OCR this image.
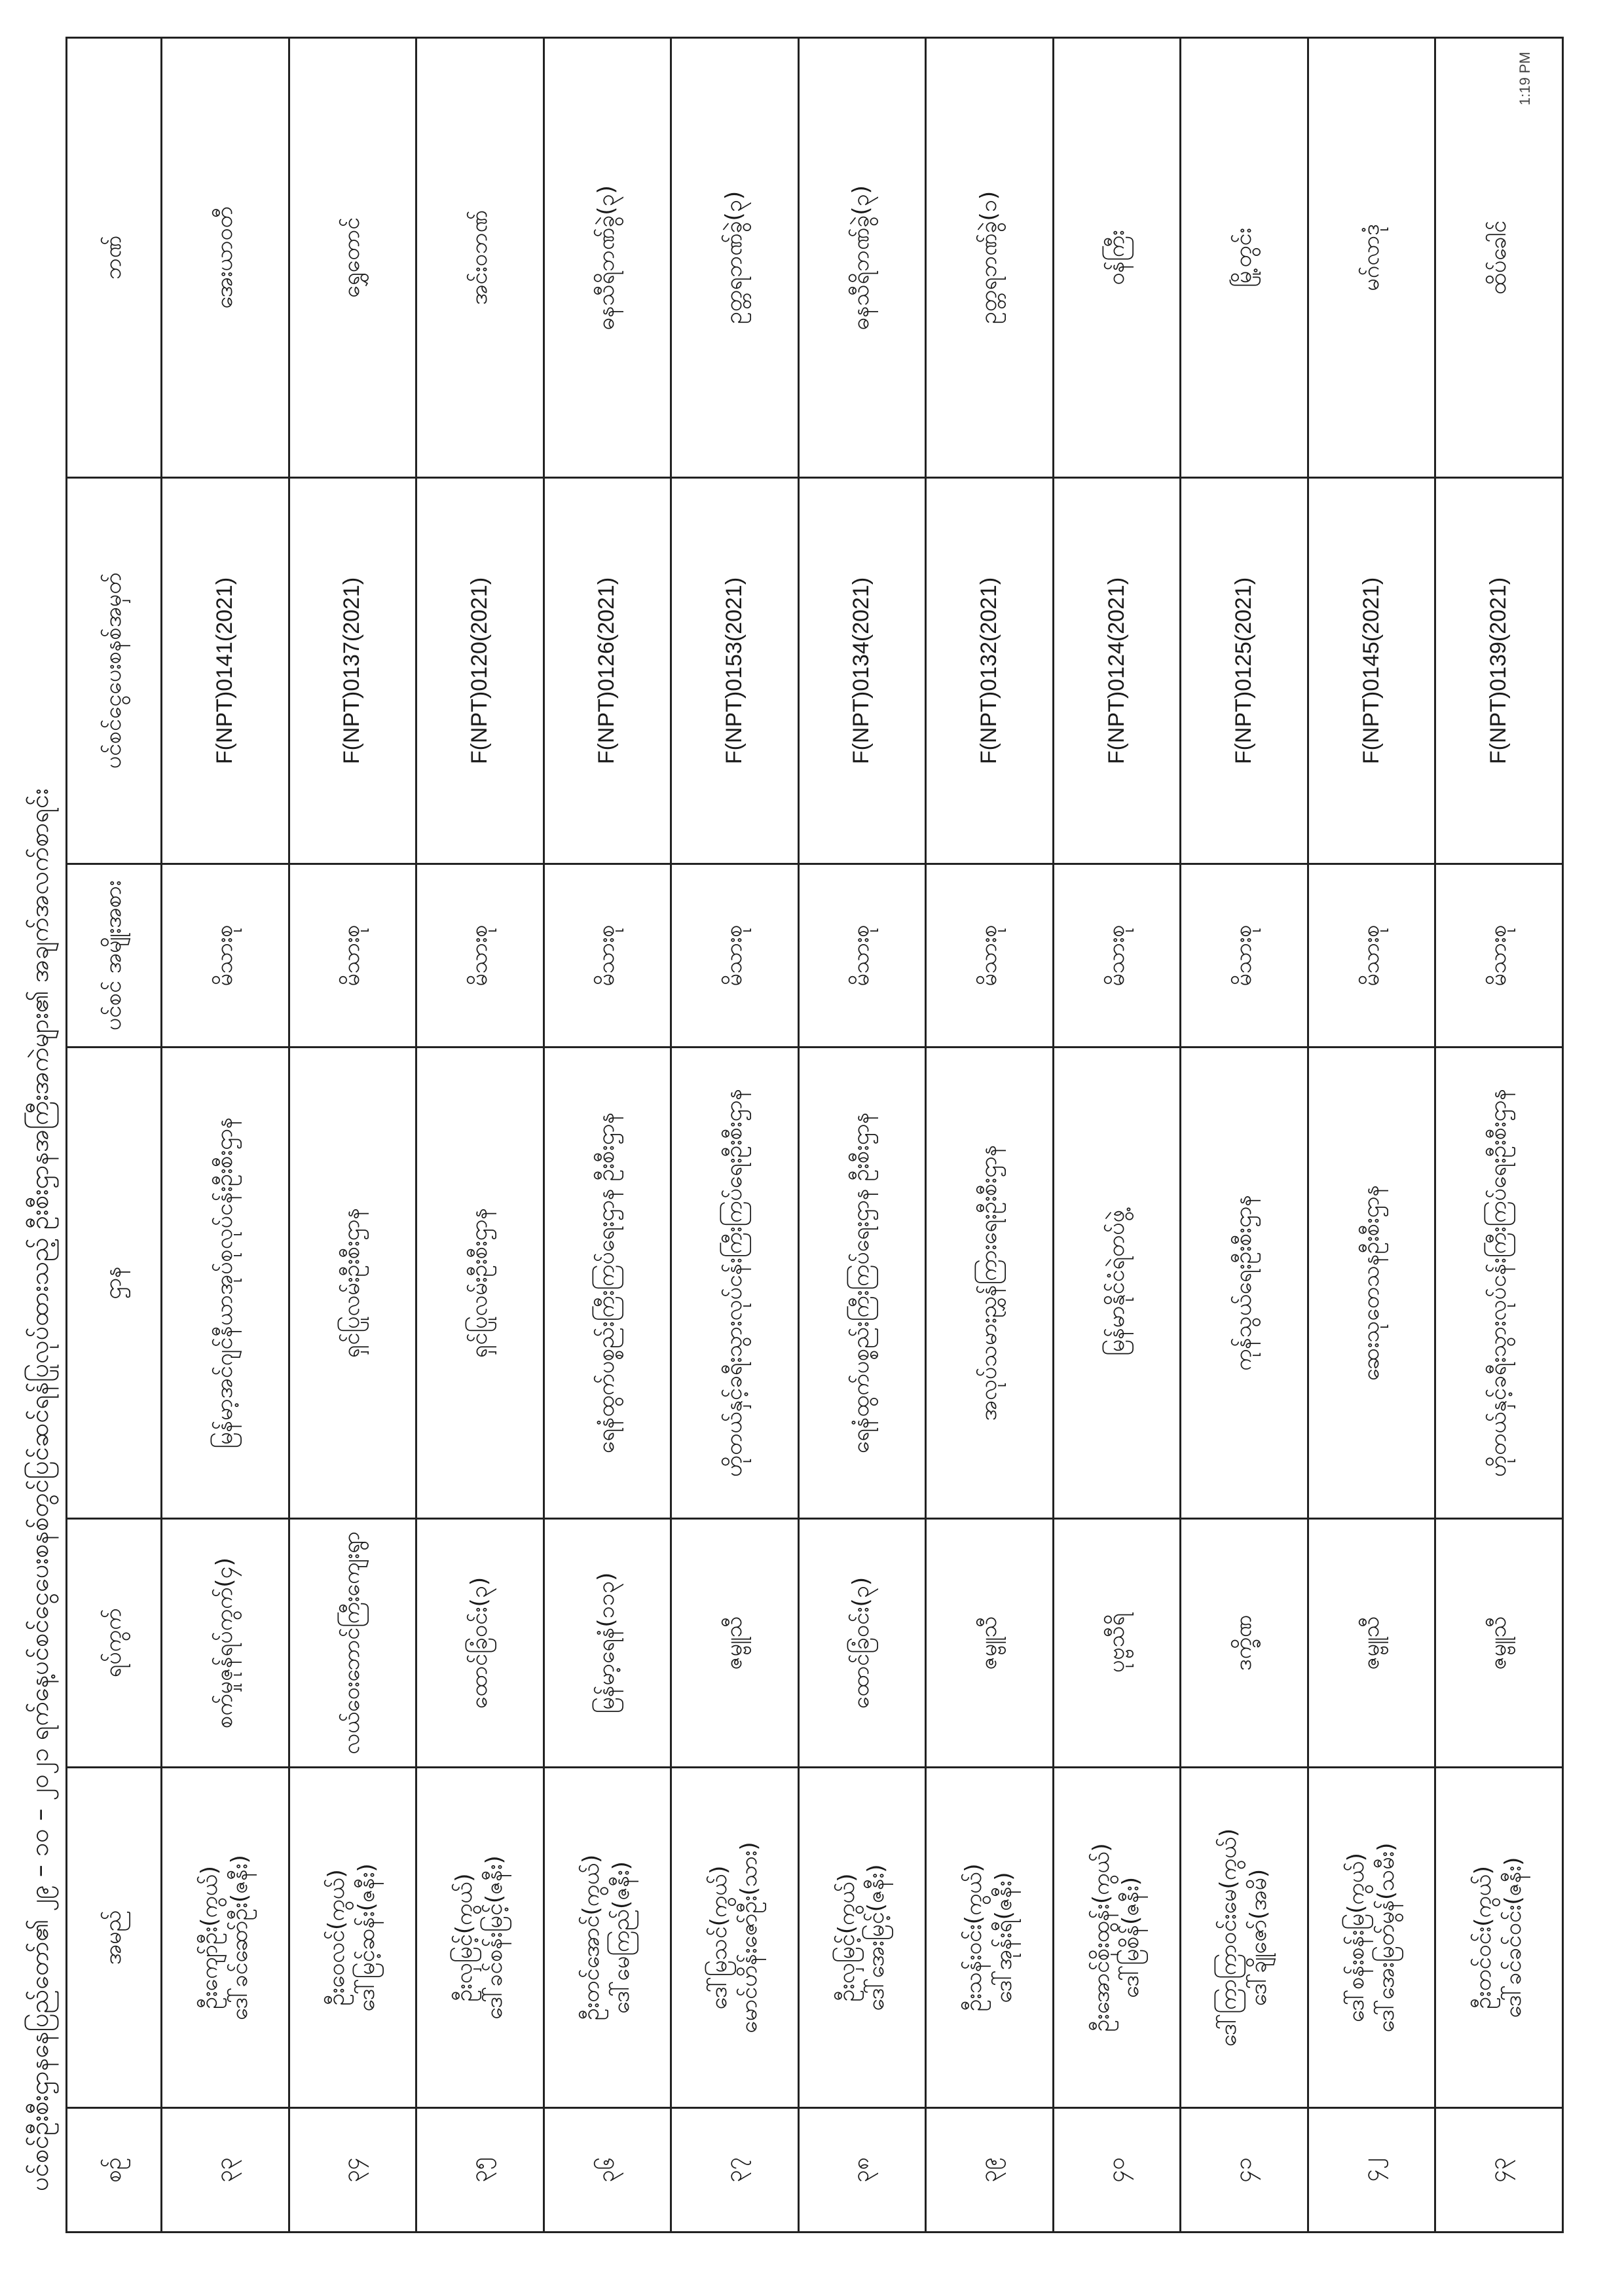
ပင်စင်ဦးစီးဌာနနေပြည်တော်၏ ၂၉ – ၁၀ – ၂၀၂၁ ရက်နေ့ပင်စင်ငွေပေးစနစ်တွင်ပြင်ဆင်ရန်ပြုလုပ်ထားသည့် ဦးစီးဌာနအကြီးအကဲများ၏ အချက်အလက်စာရင်း စဉ်	အမည်	ရပ်ကွက်	ဌာန	ပင်စင် အမျိုးအစား	ပင်စင်ငွေပေးစနစ်အမှတ်	ဘဏ်
၃၃	ဦးကျော်ဦး(ကွယ်) ဒေါ်ခင်ဆော်ဦး(ဇနီး)	စက်မှုဇုန်ရပ်ကွက်(၄)	မြန်မာ့အင်ဂျင်နီယာအုပ်စုလုပ်ငန်းဦးစီးဌာန	မိသားစု	F(NPT)0141(2021)	အေးယာဝတီ
၃၄	ဦးဝေလင်(ကွယ်) ဒေါ်မြင့်ဆန်း(ဇနီး)	လယ်ဝေးဘောင်ကြီးကျေးရွာ	ရှင်ပြုလမ်းဦးစီးဌာန	မိသားစု	F(NPT)0137(2021)	ရွှေတောင်
၃၅	ဦးလှမြင့်(ကွယ်) ဒေါ်ခင်စန်းမြင့်(ဇနီး)	ထောင်ခြံဝင်း(၃)	ရှင်ပြုလမ်းဦးစီးဌာန	မိသားစု	F(NPT)0120(2021)	အင်းဝဘဏ်
၃၆	ဦးတင်အောင်(ကွယ်) ဒေါ်မေကြည်(ဇနီး)	မြန်မာ့ရေနံ(၁၁၃)	ရေနံထွက်ပစ္စည်းကြီးကြပ်ရေးဌာန ဦးစီးဌာန	မိသားစု	F(NPT)0126(2021)	ဓနသီရိဘဏ်ခွဲ(၃)
၃၇	ဒေါ်မြသင်(ကွယ်) မောင်ဟိန်းဇော်ဦး(သား)	ဇမ္ဗူသီ	ဟိုတယ်နှင့်ခရီးသွားလုပ်ငန်းကြီးကြပ်ရေးဦးစီးဌာန	မိသားစု	F(NPT)0153(2021)	ဥတ္တရဘဏ်ခွဲ(၃)
၃၈	ဦးလှမြင့်(ကွယ်) ဒေါ်အေးမြင့်(ဇနီး)	ထောင်ခြံဝင်း(၃)	ရေနံထွက်ပစ္စည်းကြီးကြပ်ရေးဌာန ဦးစီးဌာန	မိသားစု	F(NPT)0134(2021)	ဓနသီရိဘဏ်ခွဲ(၃)
၃၉	ဦးသန်းဝင်း(ကွယ်) ဒေါ်အုန်းရီ(ဇနီး)	ဇမ္ဗူသီ	အလုပ်သမားညွှန်ကြားရေးဦးစီးဌာန	မိသားစု	F(NPT)0132(2021)	ဥတ္တရဘဏ်ခွဲ(၁)
၄၀	ဦးအောင်စိုးထွန်း(ကွယ်) ဒေါ်မြစိန်(ဇနီး)	ပုဗ္ဗသီရိ	မြန်မာနိုင်ငံရဲတပ်ဖွဲ့	မိသားစု	F(NPT)0124(2021)	ဝန်ကြီး
၄၁	ဒေါ်ကြာကြာဝင်းမေ(ကွယ်) ဒေါ်ချိုဇော်(အမိ)	ဒက္ခိဏ	ကုန်သွယ်ရေးဦးစီးဌာန	မိသားစု	F(NPT)0125(2021)	မြို့တွင်း
၄၂	ဒေါ်စန်းစန်းမြ(ကွယ်) ဒေါ်အေးမြတ်မွန်(သမီး)	ဇမ္ဗူသီ	ဆေးသုတေသနဦးစီးဌာန	မိသားစု	F(NPT)0145(2021)	မဂ်လာဒုံ
၄၃	ဦးတင်ဝင်း(ကွယ်) ဒေါ်ခင်ခင်ဝင်း(ဇနီး)	ဇမ္ဗူသီ	ဟိုတယ်နှင့်ခရီးသွားလုပ်ငန်းကြီးကြပ်ရေးဦးစီးဌာန	မိသားစု	F(NPT)0139(2021)	ထိပ်ခေါင်
1:19 PM
